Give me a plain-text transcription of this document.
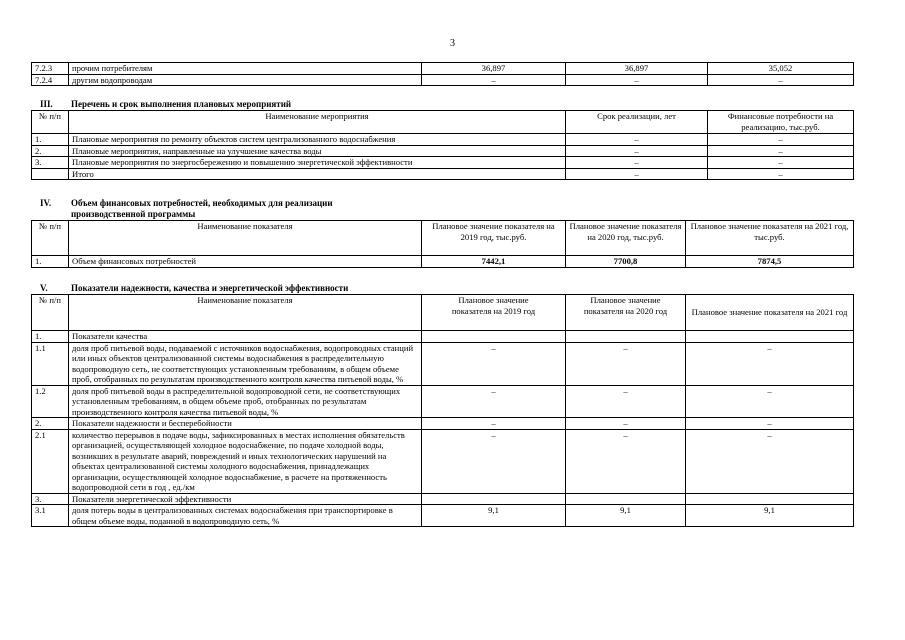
3
7.2.3	прочим потребителям	36,897	36,897	35,052
7.2.4	другим водопроводам	–	–	–
III. Перечень и срок выполнения плановых мероприятий
№ п/п	Наименование мероприятия	Срок реализации, лет	Финансовые потребности на реализацию, тыс.руб.
1.	Плановые мероприятия по ремонту объектов систем централизованного водоснабжения	–	–
2.	Плановые мероприятия, направленные на улучшение качества воды	–	–
3.	Плановые мероприятия по энергосбережению и повышению энергетической эффективности	–	–
	Итого	–	–
IV. Объем финансовых потребностей, необходимых для реализации
производственной программы
№ п/п	Наименование показателя	Плановое значение показателя на 2019 год, тыс.руб.	Плановое значение показателя на 2020 год, тыс.руб.	Плановое значение показателя на 2021 год, тыс.руб.
1.	Объем финансовых потребностей	7442,1	7700,8	7874,5
V.	Показатели надежности, качества и энергетической эффективности
№ п/п	Наименование показателя	Плановое значение показателя на 2019 год	Плановое значение показателя на 2020 год	Плановое значение показателя на 2021 год
1.	Показатели качества			
1.1	доля проб питьевой воды, подаваемой с источников водоснабжения, водопроводных станций или иных объектов централизованной системы водоснабжения в распределительную водопроводную сеть, не соответствующих установленным требованиям, в общем объеме проб, отобранных по результатам производственного контроля качества питьевой воды, %	–	–	–
1.2	доля проб питьевой воды в распределительной водопроводной сети, не соответствующих установленным требованиям, в общем объеме проб, отобранных по результатам производственного контроля качества питьевой воды, %	–	–	–
2.	Показатели надежности и бесперебойности	–	–	–
2.1	количество перерывов в подаче воды, зафиксированных в местах исполнения обязательств организацией, осуществляющей холодное водоснабжение, по подаче холодной воды, возникших в результате аварий, повреждений и иных технологических нарушений на объектах централизованной системы холодного водоснабжения, принадлежащих организации, осуществляющей холодное водоснабжение, в расчете на протяженность водопроводной сети в год , ед./км	–	–	–
3.	Показатели энергетической эффективности			
3.1	доля потерь воды в централизованных системах водоснабжения при транспортировке в общем объеме воды, поданной в водопроводную сеть, %	9,1	9,1	9,1
